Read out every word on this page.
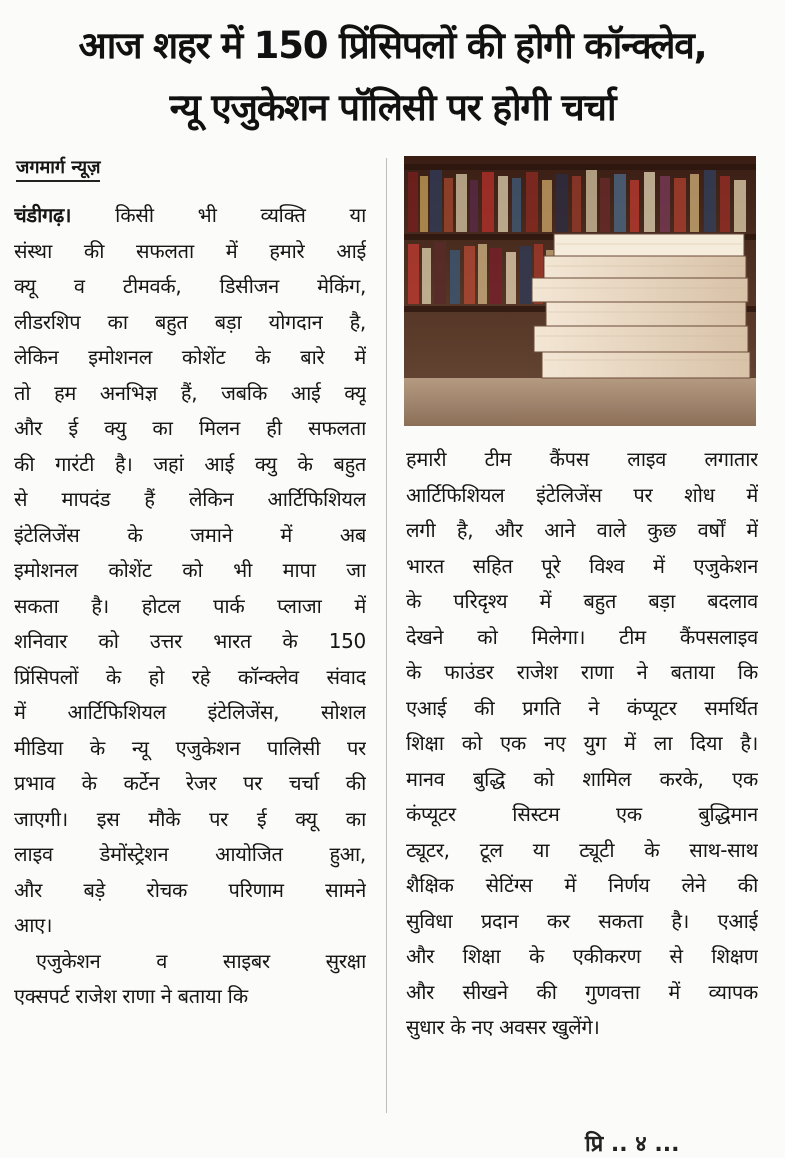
आज शहर में 150 प्रिंसिपलों की होगी कॉन्क्लेव,
न्यू एजुकेशन पॉलिसी पर होगी चर्चा
जगमार्ग न्यूज़
चंडीगढ़। किसी भी व्यक्ति या
संस्था की सफलता में हमारे आई
क्यू व टीमवर्क, डिसीजन मेकिंग,
लीडरशिप का बहुत बड़ा योगदान है,
लेकिन इमोशनल कोशेंट के बारे में
तो हम अनभिज्ञ हैं, जबकि आई क्यू
और ई क्यु का मिलन ही सफलता
की गारंटी है। जहां आई क्यु के बहुत
से मापदंड हैं लेकिन आर्टिफिशियल
इंटेलिजेंस के जमाने में अब
इमोशनल कोशेंट को भी मापा जा
सकता है। होटल पार्क प्लाजा में
शनिवार को उत्तर भारत के 150
प्रिंसिपलों के हो रहे कॉन्क्लेव संवाद
में आर्टिफिशियल इंटेलिजेंस, सोशल
मीडिया के न्यू एजुकेशन पालिसी पर
प्रभाव के कर्टेन रेजर पर चर्चा की
जाएगी। इस मौके पर ई क्यू का
लाइव डेमोंस्ट्रेशन आयोजित हुआ,
और बड़े रोचक परिणाम सामने
आए।
एजुकेशन व साइबर सुरक्षा
एक्सपर्ट राजेश राणा ने बताया कि
हमारी टीम कैंपस लाइव लगातार
आर्टिफिशियल इंटेलिजेंस पर शोध में
लगी है, और आने वाले कुछ वर्षों में
भारत सहित पूरे विश्व में एजुकेशन
के परिदृश्य में बहुत बड़ा बदलाव
देखने को मिलेगा। टीम कैंपसलाइव
के फाउंडर राजेश राणा ने बताया कि
एआई की प्रगति ने कंप्यूटर समर्थित
शिक्षा को एक नए युग में ला दिया है।
मानव बुद्धि को शामिल करके, एक
कंप्यूटर सिस्टम एक बुद्धिमान
ट्यूटर, टूल या ट्यूटी के साथ-साथ
शैक्षिक सेटिंग्स में निर्णय लेने की
सुविधा प्रदान कर सकता है। एआई
और शिक्षा के एकीकरण से शिक्षण
और सीखने की गुणवत्ता में व्यापक
सुधार के नए अवसर खुलेंगे।
प्रि .. ४ ...
